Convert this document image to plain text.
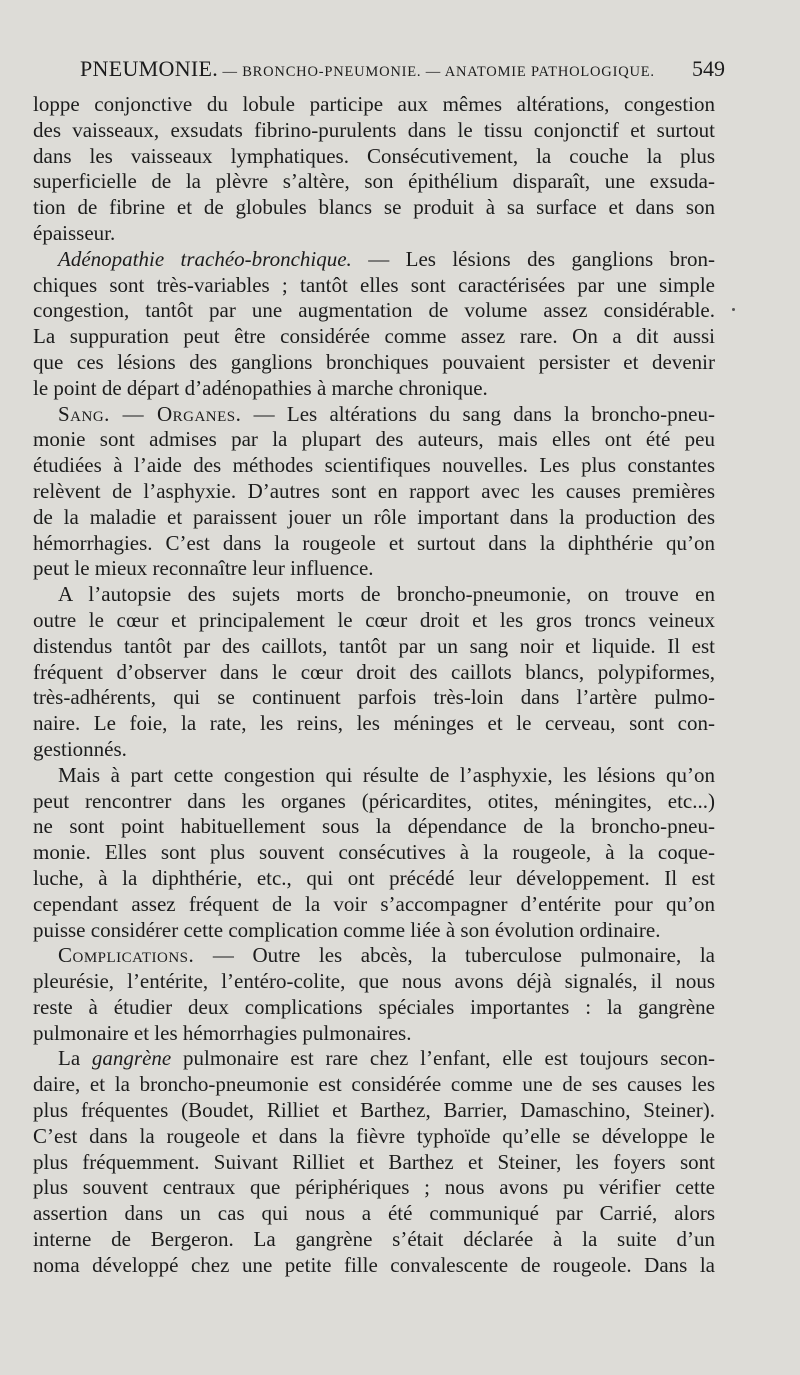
PNEUMONIE. — BRONCHO-PNEUMONIE. — ANATOMIE PATHOLOGIQUE. 549
loppe conjonctive du lobule participe aux mêmes altérations, congestion
des vaisseaux, exsudats fibrino-purulents dans le tissu conjonctif et surtout
dans les vaisseaux lymphatiques. Consécutivement, la couche la plus
superficielle de la plèvre s’altère, son épithélium disparaît, une exsuda-
tion de fibrine et de globules blancs se produit à sa surface et dans son
épaisseur.
Adénopathie trachéo-bronchique. — Les lésions des ganglions bron-
chiques sont très-variables ; tantôt elles sont caractérisées par une simple
congestion, tantôt par une augmentation de volume assez considérable.
La suppuration peut être considérée comme assez rare. On a dit aussi
que ces lésions des ganglions bronchiques pouvaient persister et devenir
le point de départ d’adénopathies à marche chronique.
Sang. — Organes. — Les altérations du sang dans la broncho-pneu-
monie sont admises par la plupart des auteurs, mais elles ont été peu
étudiées à l’aide des méthodes scientifiques nouvelles. Les plus constantes
relèvent de l’asphyxie. D’autres sont en rapport avec les causes premières
de la maladie et paraissent jouer un rôle important dans la production des
hémorrhagies. C’est dans la rougeole et surtout dans la diphthérie qu’on
peut le mieux reconnaître leur influence.
A l’autopsie des sujets morts de broncho-pneumonie, on trouve en
outre le cœur et principalement le cœur droit et les gros troncs veineux
distendus tantôt par des caillots, tantôt par un sang noir et liquide. Il est
fréquent d’observer dans le cœur droit des caillots blancs, polypiformes,
très-adhérents, qui se continuent parfois très-loin dans l’artère pulmo-
naire. Le foie, la rate, les reins, les méninges et le cerveau, sont con-
gestionnés.
Mais à part cette congestion qui résulte de l’asphyxie, les lésions qu’on
peut rencontrer dans les organes (péricardites, otites, méningites, etc...)
ne sont point habituellement sous la dépendance de la broncho-pneu-
monie. Elles sont plus souvent consécutives à la rougeole, à la coque-
luche, à la diphthérie, etc., qui ont précédé leur développement. Il est
cependant assez fréquent de la voir s’accompagner d’entérite pour qu’on
puisse considérer cette complication comme liée à son évolution ordinaire.
Complications. — Outre les abcès, la tuberculose pulmonaire, la
pleurésie, l’entérite, l’entéro-colite, que nous avons déjà signalés, il nous
reste à étudier deux complications spéciales importantes : la gangrène
pulmonaire et les hémorrhagies pulmonaires.
La gangrène pulmonaire est rare chez l’enfant, elle est toujours secon-
daire, et la broncho-pneumonie est considérée comme une de ses causes les
plus fréquentes (Boudet, Rilliet et Barthez, Barrier, Damaschino, Steiner).
C’est dans la rougeole et dans la fièvre typhoïde qu’elle se développe le
plus fréquemment. Suivant Rilliet et Barthez et Steiner, les foyers sont
plus souvent centraux que périphériques ; nous avons pu vérifier cette
assertion dans un cas qui nous a été communiqué par Carrié, alors
interne de Bergeron. La gangrène s’était déclarée à la suite d’un
noma développé chez une petite fille convalescente de rougeole. Dans la
